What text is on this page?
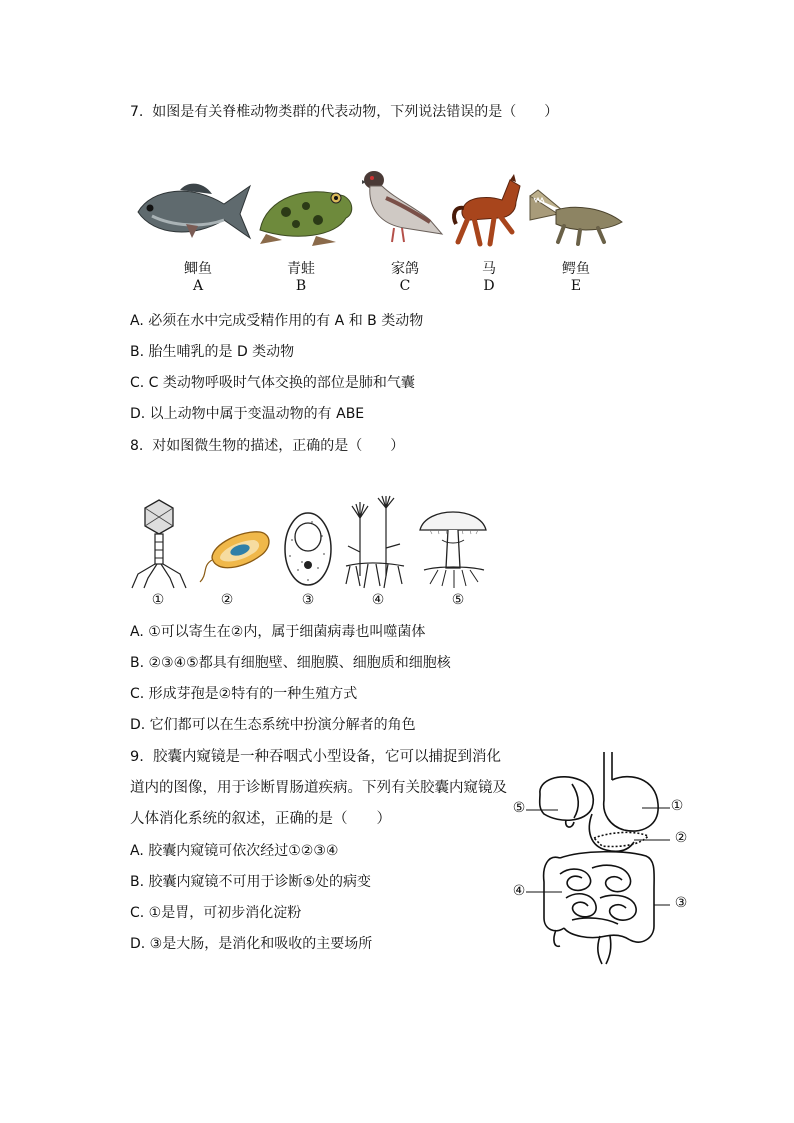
7.  如图是有关脊椎动物类群的代表动物，下列说法错误的是（　　）
鲫鱼	青蛙	家鸽	马	鳄鱼
A	B	C	D	E
A. 必须在水中完成受精作用的有 A 和 B 类动物
B. 胎生哺乳的是 D 类动物
C. C 类动物呼吸时气体交换的部位是肺和气囊
D. 以上动物中属于变温动物的有 ABE
8.  对如图微生物的描述，正确的是（　　）
①	②	③	④	⑤
A. ①可以寄生在②内，属于细菌病毒也叫噬菌体
B. ②③④⑤都具有细胞壁、细胞膜、细胞质和细胞核
C. 形成芽孢是②特有的一种生殖方式
D. 它们都可以在生态系统中扮演分解者的角色
9.  胶囊内窥镜是一种吞咽式小型设备，它可以捕捉到消化
道内的图像，用于诊断胃肠道疾病。下列有关胶囊内窥镜及
人体消化系统的叙述，正确的是（　　）
A. 胶囊内窥镜可依次经过①②③④
B. 胶囊内窥镜不可用于诊断⑤处的病变
C. ①是胃，可初步消化淀粉
D. ③是大肠，是消化和吸收的主要场所
①
②
③
④
⑤
